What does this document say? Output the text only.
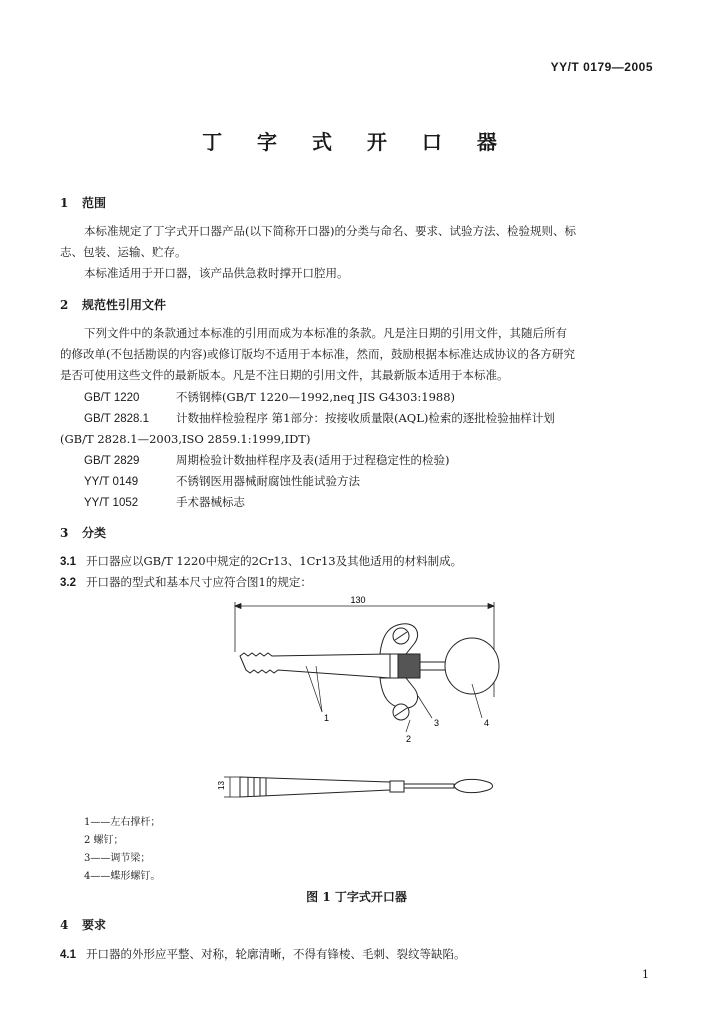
YY/T 0179—2005
丁 字 式 开 口 器
1 范围
本标准规定了丁字式开口器产品(以下简称开口器)的分类与命名、要求、试验方法、检验规则、标
志、包装、运输、贮存。
本标准适用于开口器，该产品供急救时撑开口腔用。
2 规范性引用文件
下列文件中的条款通过本标准的引用而成为本标准的条款。凡是注日期的引用文件，其随后所有
的修改单(不包括勘误的内容)或修订版均不适用于本标准，然而，鼓励根据本标准达成协议的各方研究
是否可使用这些文件的最新版本。凡是不注日期的引用文件，其最新版本适用于本标准。
GB/T 1220	不锈钢棒(GB/T 1220—1992,neq JIS G4303:1988)
GB/T 2828.1 计数抽样检验程序 第1部分：按接收质量限(AQL)检索的逐批检验抽样计划
(GB/T 2828.1—2003,ISO 2859.1:1999,IDT)
GB/T 2829	周期检验计数抽样程序及表(适用于过程稳定性的检验)
YY/T 0149	不锈钢医用器械耐腐蚀性能试验方法
YY/T 1052	手术器械标志
3 分类
3.1 开口器应以GB/T 1220中规定的2Cr13、1Cr13及其他适用的材料制成。
3.2 开口器的型式和基本尺寸应符合图1的规定：
130
1
2
3	4
13
1——左右撑杆；
2 螺钉；
3——调节梁；
4——蝶形螺钉。
图 1 丁字式开口器
4 要求
4.1 开口器的外形应平整、对称，轮廓清晰，不得有锋棱、毛刺、裂纹等缺陷。
1
